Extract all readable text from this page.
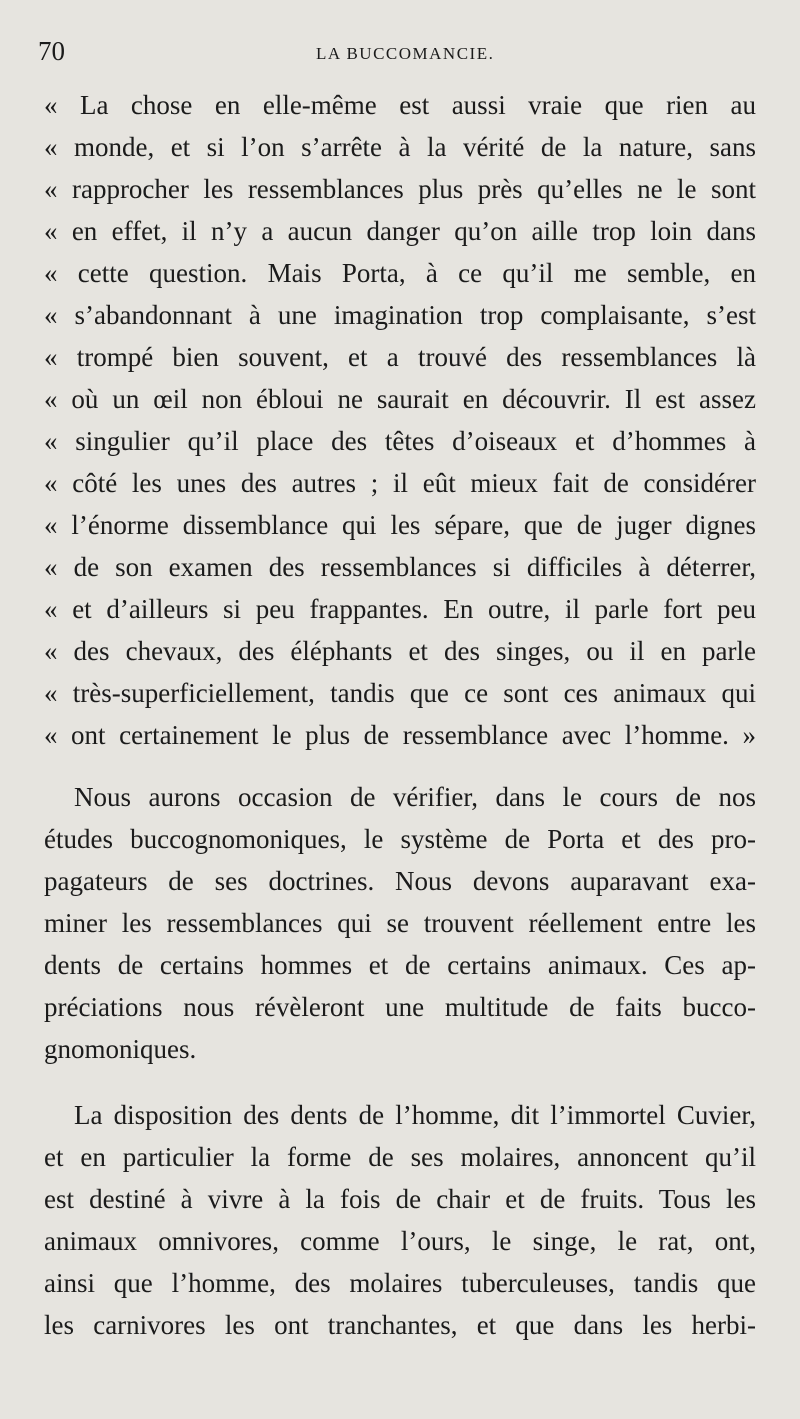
70	LA BUCCOMANCIE.
« La chose en elle-même est aussi vraie que rien au
« monde, et si l’on s’arrête à la vérité de la nature, sans
« rapprocher les ressemblances plus près qu’elles ne le sont
« en effet, il n’y a aucun danger qu’on aille trop loin dans
« cette question. Mais Porta, à ce qu’il me semble, en
« s’abandonnant à une imagination trop complaisante, s’est
« trompé bien souvent, et a trouvé des ressemblances là
« où un œil non ébloui ne saurait en découvrir. Il est assez
« singulier qu’il place des têtes d’oiseaux et d’hommes à
« côté les unes des autres ; il eût mieux fait de considérer
« l’énorme dissemblance qui les sépare, que de juger dignes
« de son examen des ressemblances si difficiles à déterrer,
« et d’ailleurs si peu frappantes. En outre, il parle fort peu
« des chevaux, des éléphants et des singes, ou il en parle
« très-superficiellement, tandis que ce sont ces animaux qui
« ont certainement le plus de ressemblance avec l’homme. »
Nous aurons occasion de vérifier, dans le cours de nos
études buccognomoniques, le système de Porta et des pro-
pagateurs de ses doctrines. Nous devons auparavant exa-
miner les ressemblances qui se trouvent réellement entre les
dents de certains hommes et de certains animaux. Ces ap-
préciations nous révèleront une multitude de faits bucco-
gnomoniques.
La disposition des dents de l’homme, dit l’immortel Cuvier,
et en particulier la forme de ses molaires, annoncent qu’il
est destiné à vivre à la fois de chair et de fruits. Tous les
animaux omnivores, comme l’ours, le singe, le rat, ont,
ainsi que l’homme, des molaires tuberculeuses, tandis que
les carnivores les ont tranchantes, et que dans les herbi-
